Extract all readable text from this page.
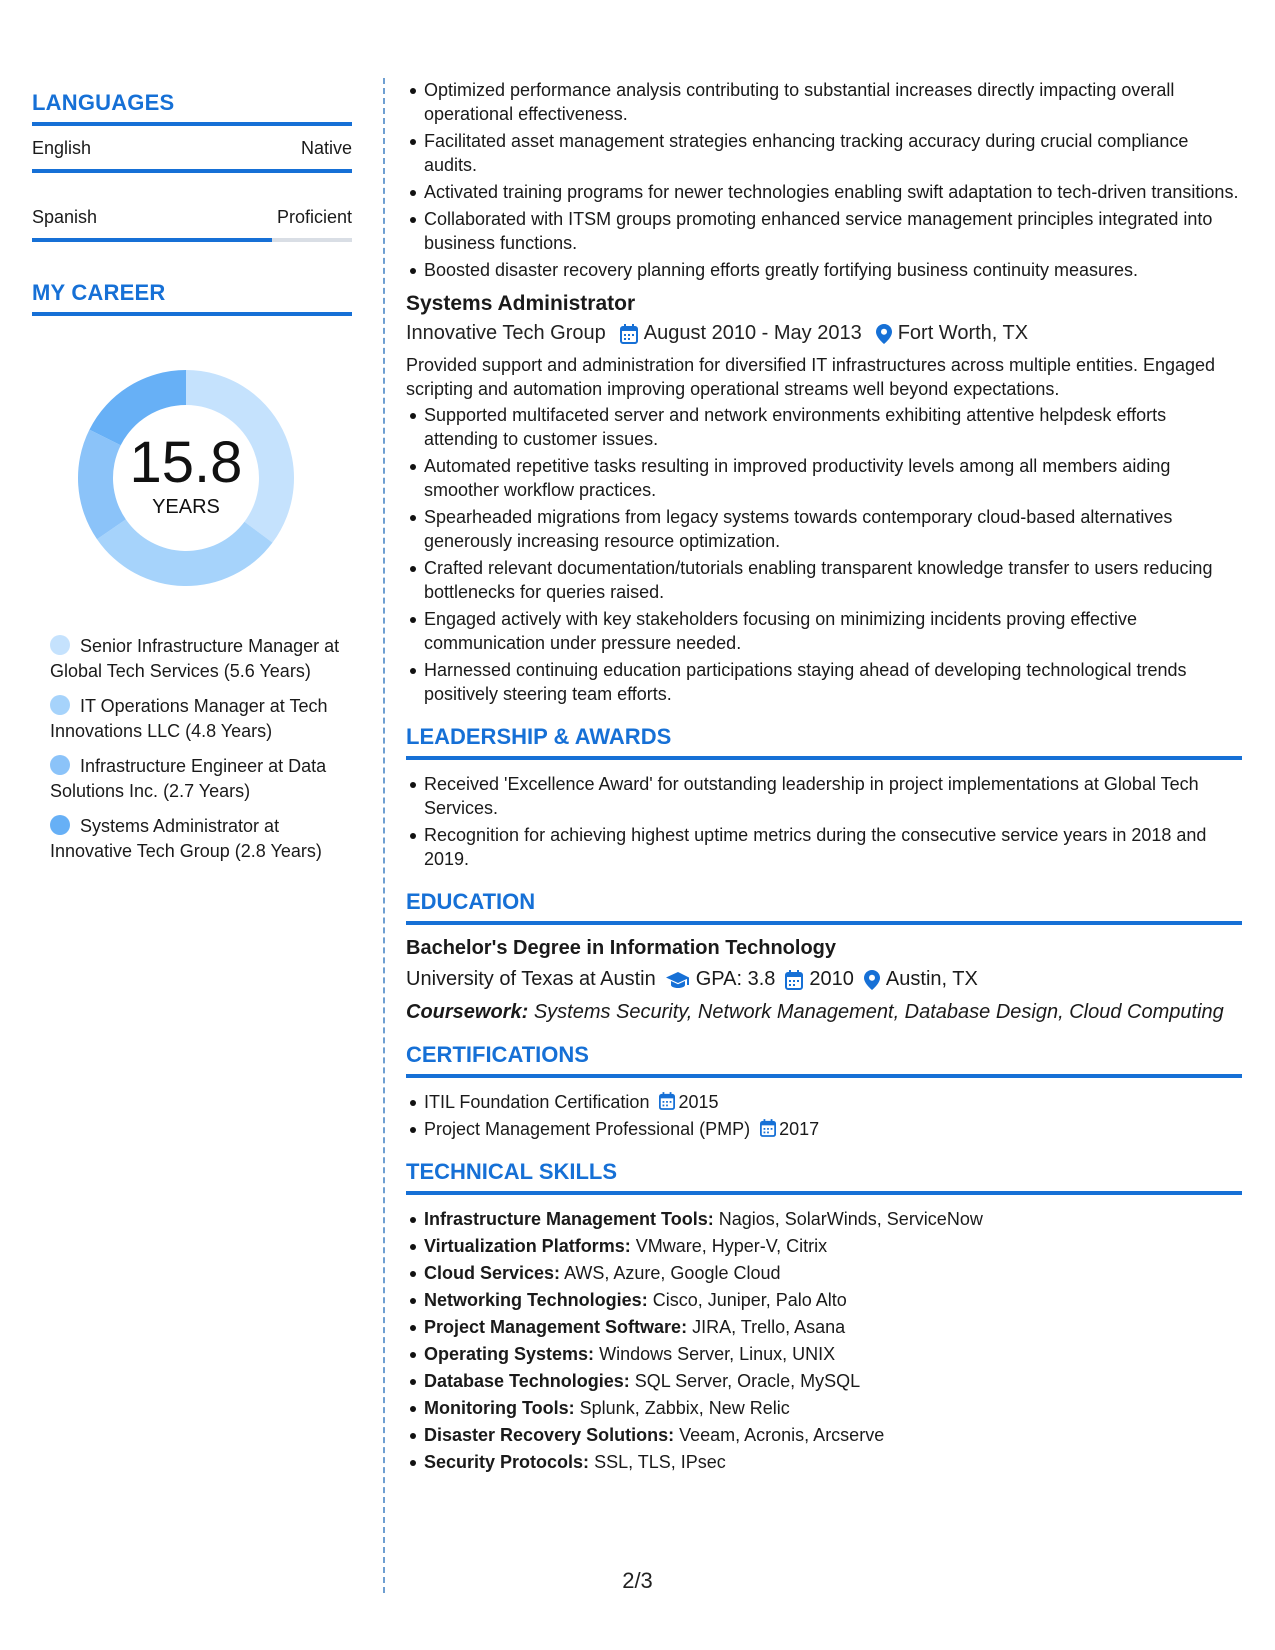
LANGUAGES
English	Native
Spanish	Proficient
MY CAREER
15.8
YEARS
Senior Infrastructure Manager at Global Tech Services (5.6 Years)
IT Operations Manager at Tech Innovations LLC (4.8 Years)
Infrastructure Engineer at Data Solutions Inc. (2.7 Years)
Systems Administrator at Innovative Tech Group (2.8 Years)
Optimized performance analysis contributing to substantial increases directly impacting overall operational effectiveness.
Facilitated asset management strategies enhancing tracking accuracy during crucial compliance audits.
Activated training programs for newer technologies enabling swift adaptation to tech-driven transitions.
Collaborated with ITSM groups promoting enhanced service management principles integrated into business functions.
Boosted disaster recovery planning efforts greatly fortifying business continuity measures.
Systems Administrator
Innovative Tech Group August 2010 - May 2013 Fort Worth, TX
Provided support and administration for diversified IT infrastructures across multiple entities. Engaged scripting and automation improving operational streams well beyond expectations.
Supported multifaceted server and network environments exhibiting attentive helpdesk efforts attending to customer issues.
Automated repetitive tasks resulting in improved productivity levels among all members aiding smoother workflow practices.
Spearheaded migrations from legacy systems towards contemporary cloud-based alternatives generously increasing resource optimization.
Crafted relevant documentation/tutorials enabling transparent knowledge transfer to users reducing bottlenecks for queries raised.
Engaged actively with key stakeholders focusing on minimizing incidents proving effective communication under pressure needed.
Harnessed continuing education participations staying ahead of developing technological trends positively steering team efforts.
LEADERSHIP & AWARDS
Received 'Excellence Award' for outstanding leadership in project implementations at Global Tech Services.
Recognition for achieving highest uptime metrics during the consecutive service years in 2018 and 2019.
EDUCATION
Bachelor's Degree in Information Technology
University of Texas at Austin GPA: 3.8 2010 Austin, TX
Coursework: Systems Security, Network Management, Database Design, Cloud Computing
CERTIFICATIONS
ITIL Foundation Certification 2015
Project Management Professional (PMP) 2017
TECHNICAL SKILLS
Infrastructure Management Tools: Nagios, SolarWinds, ServiceNow
Virtualization Platforms: VMware, Hyper-V, Citrix
Cloud Services: AWS, Azure, Google Cloud
Networking Technologies: Cisco, Juniper, Palo Alto
Project Management Software: JIRA, Trello, Asana
Operating Systems: Windows Server, Linux, UNIX
Database Technologies: SQL Server, Oracle, MySQL
Monitoring Tools: Splunk, Zabbix, New Relic
Disaster Recovery Solutions: Veeam, Acronis, Arcserve
Security Protocols: SSL, TLS, IPsec
2/3
